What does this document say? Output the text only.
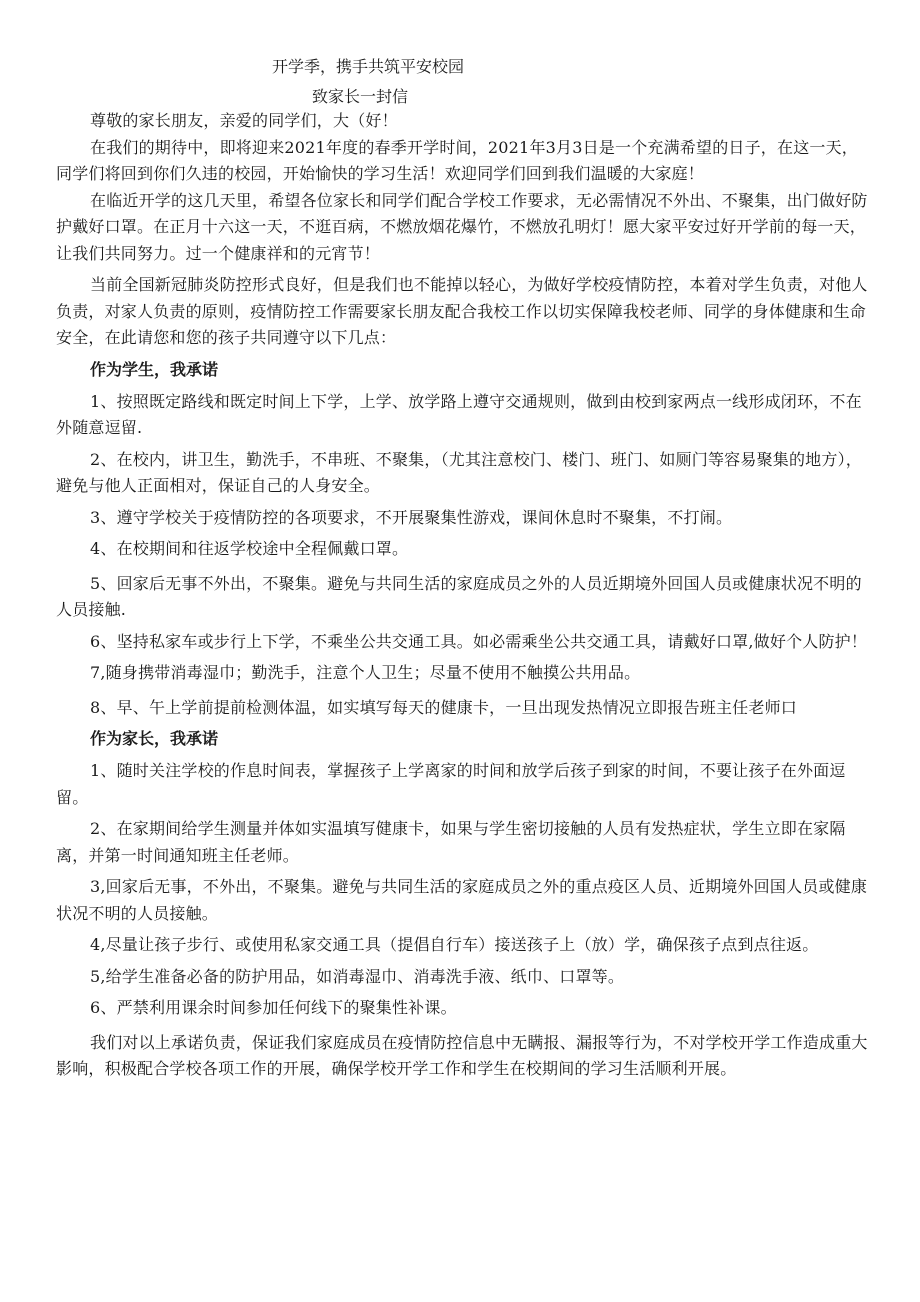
开学季，携手共筑平安校园
致家长一封信

尊敬的家长朋友，亲爱的同学们，大（好！

在我们的期待中，即将迎来2021年度的春季开学时间，2021年3月3日是一个充满希望的日子，在这一天，同学们将回到你们久违的校园，开始愉快的学习生活！欢迎同学们回到我们温暖的大家庭！

在临近开学的这几天里，希望各位家长和同学们配合学校工作要求，无必需情况不外出、不聚集，出门做好防护戴好口罩。在正月十六这一天，不逛百病，不燃放烟花爆竹，不燃放孔明灯！愿大家平安过好开学前的每一天，让我们共同努力。过一个健康祥和的元宵节！

当前全国新冠肺炎防控形式良好，但是我们也不能掉以轻心，为做好学校疫情防控，本着对学生负责，对他人负责，对家人负责的原则，疫情防控工作需要家长朋友配合我校工作以切实保障我校老师、同学的身体健康和生命安全，在此请您和您的孩子共同遵守以下几点：

作为学生，我承诺

1、按照既定路线和既定时间上下学，上学、放学路上遵守交通规则，做到由校到家两点一线形成闭环，不在外随意逗留.

2、在校内，讲卫生，勤洗手，不串班、不聚集，（尤其注意校门、楼门、班门、如厕门等容易聚集的地方），避免与他人正面相对，保证自己的人身安全。

3、遵守学校关于疫情防控的各项要求，不开展聚集性游戏，课间休息时不聚集，不打闹。

4、在校期间和往返学校途中全程佩戴口罩。

5、回家后无事不外出，不聚集。避免与共同生活的家庭成员之外的人员近期境外回国人员或健康状况不明的人员接触.

6、坚持私家车或步行上下学，不乘坐公共交通工具。如必需乘坐公共交通工具，请戴好口罩,做好个人防护！

7,随身携带消毒湿巾；勤洗手，注意个人卫生；尽量不使用不触摸公共用品。

8、早、午上学前提前检测体温，如实填写每天的健康卡，一旦出现发热情况立即报告班主任老师口

作为家长，我承诺

1、随时关注学校的作息时间表，掌握孩子上学离家的时间和放学后孩子到家的时间，不要让孩子在外面逗留。

2、在家期间给学生测量并体如实温填写健康卡，如果与学生密切接触的人员有发热症状，学生立即在家隔离，并第一时间通知班主任老师。

3,回家后无事，不外出，不聚集。避免与共同生活的家庭成员之外的重点疫区人员、近期境外回国人员或健康状况不明的人员接触。

4,尽量让孩子步行、或使用私家交通工具（提倡自行车）接送孩子上（放）学，确保孩子点到点往返。

5,给学生准备必备的防护用品，如消毒湿巾、消毒洗手液、纸巾、口罩等。

6、严禁利用课余时间参加任何线下的聚集性补课。

我们对以上承诺负责，保证我们家庭成员在疫情防控信息中无瞒报、漏报等行为，不对学校开学工作造成重大影响，积极配合学校各项工作的开展，确保学校开学工作和学生在校期间的学习生活顺利开展。
